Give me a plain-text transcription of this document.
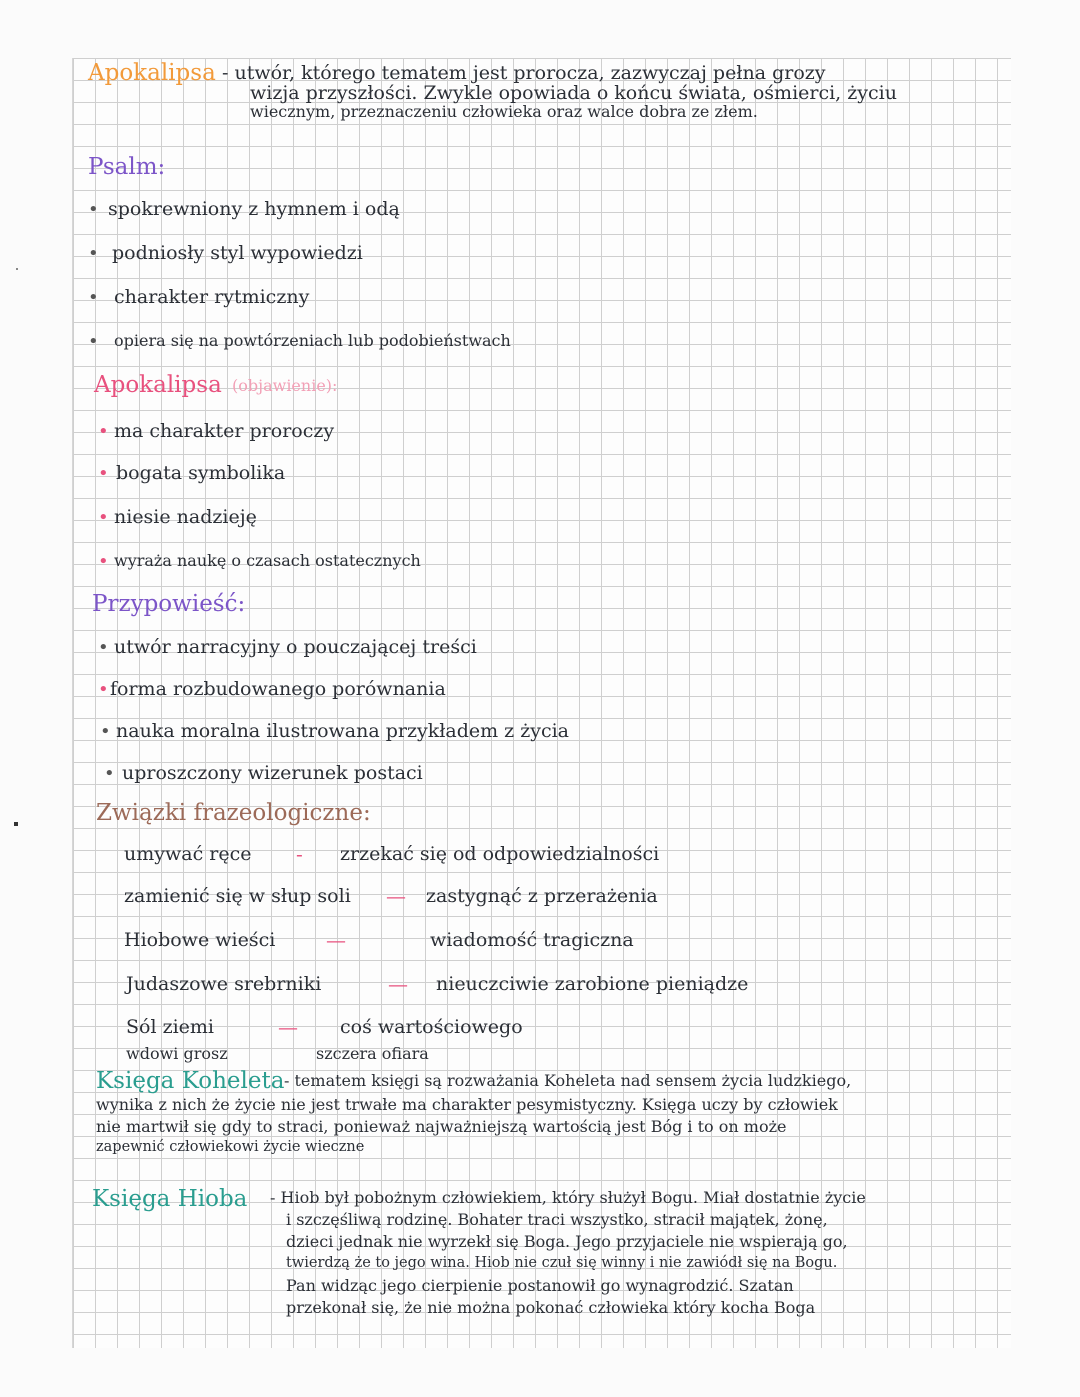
Apokalipsa - utwór, którego tematem jest prorocza, zazwyczaj pełna grozy
wizja przyszłości. Zwykle opowiada o końcu świata, ośmierci, życiu
wiecznym, przeznaczeniu człowieka oraz walce dobra ze złem.
Psalm:
• spokrewniony z hymnem i odą
• podniosły styl wypowiedzi
• charakter rytmiczny
• opiera się na powtórzeniach lub podobieństwach
Apokalipsa (objawienie):
• ma charakter proroczy
• bogata symbolika
• niesie nadzieję
• wyraża naukę o czasach ostatecznych
Przypowieść:
• utwór narracyjny o pouczającej treści
• forma rozbudowanego porównania
• nauka moralna ilustrowana przykładem z życia
• uproszczony wizerunek postaci
Związki frazeologiczne:
umywać ręce - zrzekać się od odpowiedzialności
zamienić się w słup soli — zastygnąć z przerażenia
Hiobowe wieści	—	wiadomość tragiczna
Judaszowe srebrniki	— nieuczciwie zarobione pieniądze
Sól ziemi	— coś wartościowego
wdowi grosz	szczera ofiara
Księga Koheleta - tematem księgi są rozważania Koheleta nad sensem życia ludzkiego,
wynika z nich że życie nie jest trwałe ma charakter pesymistyczny. Księga uczy by człowiek
nie martwił się gdy to straci, ponieważ najważniejszą wartością jest Bóg i to on może
zapewnić człowiekowi życie wieczne
Księga Hioba - Hiob był pobożnym człowiekiem, który służył Bogu. Miał dostatnie życie
i szczęśliwą rodzinę. Bohater traci wszystko, stracił majątek, żonę,
dzieci jednak nie wyrzekł się Boga. Jego przyjaciele nie wspierają go,
twierdzą że to jego wina. Hiob nie czuł się winny i nie zawiódł się na Bogu.
Pan widząc jego cierpienie postanowił go wynagrodzić. Szatan
przekonał się, że nie można pokonać człowieka który kocha Boga
